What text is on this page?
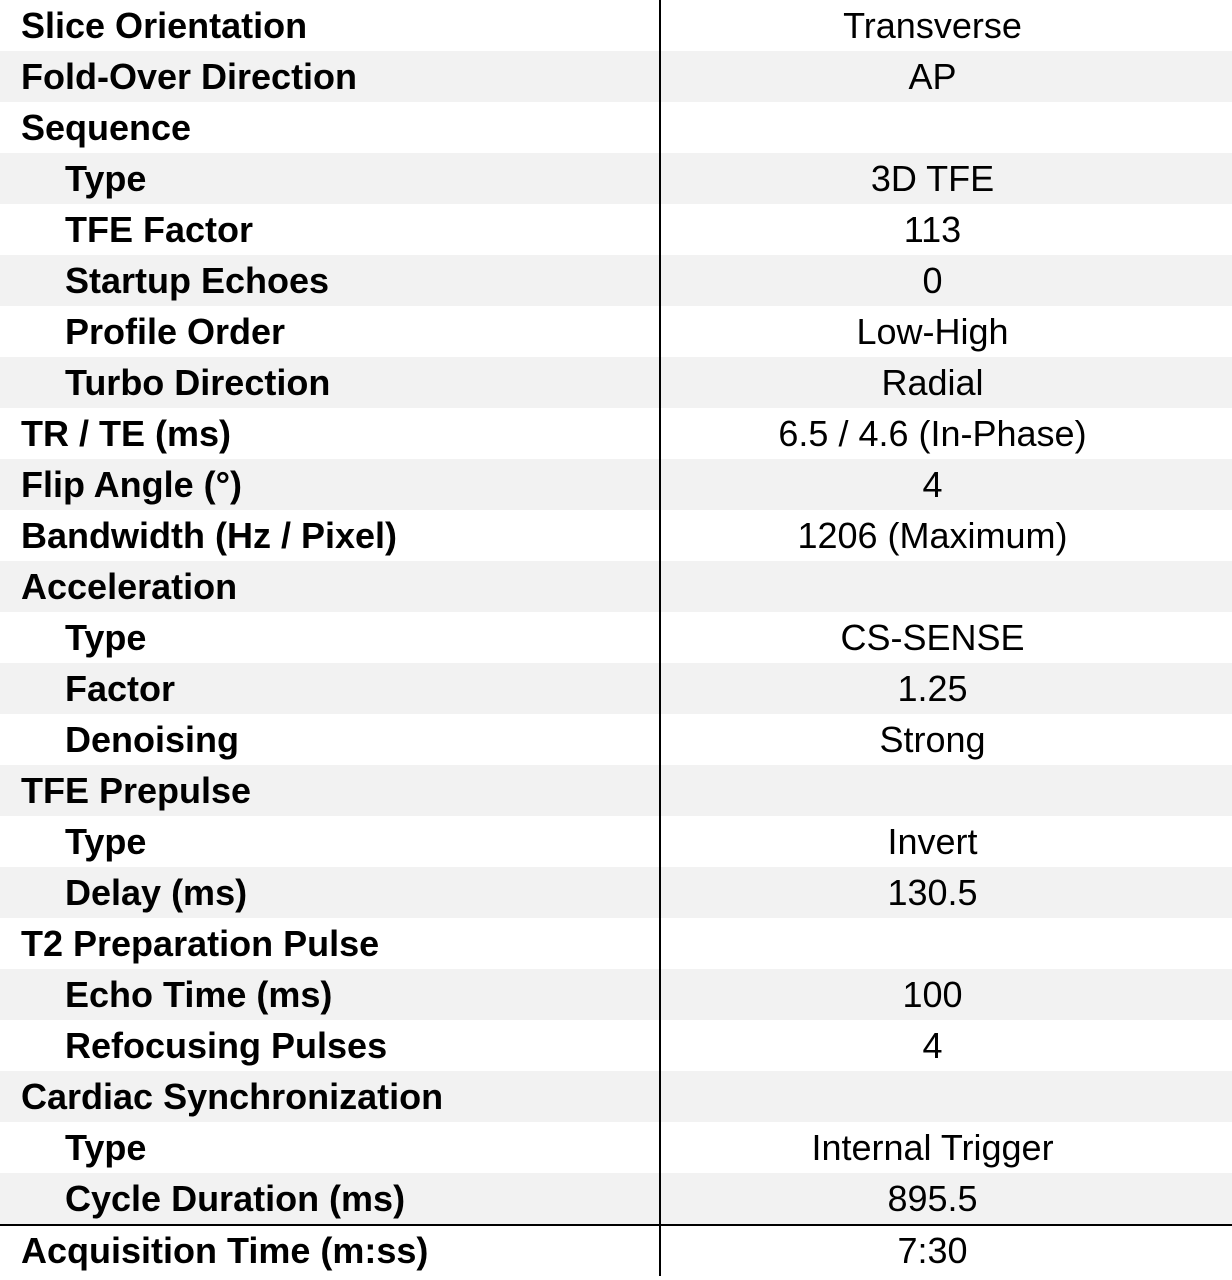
Slice Orientation	Transverse
Fold-Over Direction	AP
Sequence	
Type	3D TFE
TFE Factor	113
Startup Echoes	0
Profile Order	Low-High
Turbo Direction	Radial
TR / TE (ms)	6.5 / 4.6 (In-Phase)
Flip Angle (°)	4
Bandwidth (Hz / Pixel)	1206 (Maximum)
Acceleration	
Type	CS-SENSE
Factor	1.25
Denoising	Strong
TFE Prepulse	
Type	Invert
Delay (ms)	130.5
T2 Preparation Pulse	
Echo Time (ms)	100
Refocusing Pulses	4
Cardiac Synchronization	
Type	Internal Trigger
Cycle Duration (ms)	895.5
Acquisition Time (m:ss)	7:30
